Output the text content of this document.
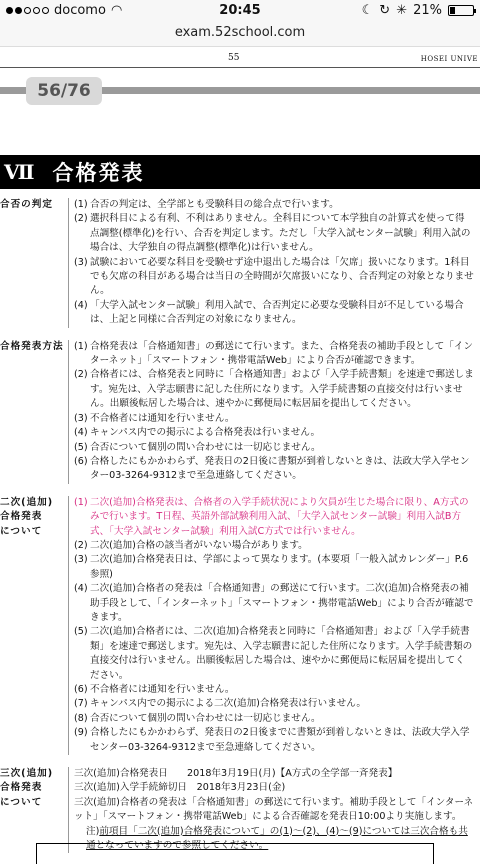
docomo ◠	20:45	☾ ↻ ✳ 21%
exam.52school.com
55	HOSEI UNIVE
56/76
Ⅶ 合格発表
合否の判定	(1) 合否の判定は、全学部とも受験科目の総合点で行います。
(2) 選択科目による有利、不利はありません。全科目について本学独自の計算式を使って得点調整(標準化)を行い、合否を判定します。ただし「大学入試センター試験」利用入試の場合は、大学独自の得点調整(標準化)は行いません。
(3) 試験において必要な科目を受験せず途中退出した場合は「欠席」扱いになります。1科目でも欠席の科目がある場合は当日の全時間が欠席扱いになり、合否判定の対象となりません。
(4) 「大学入試センター試験」利用入試で、合否判定に必要な受験科目が不足している場合は、上記と同様に合否判定の対象になりません。
合格発表方法	(1) 合格発表は「合格通知書」の郵送にて行います。また、合格発表の補助手段として「インターネット」「スマートフォン・携帯電話Web」により合否が確認できます。
(2) 合格者には、合格発表と同時に「合格通知書」および「入学手続書類」を速達で郵送します。宛先は、入学志願書に記した住所になります。入学手続書類の直接交付は行いません。出願後転居した場合は、速やかに郵便局に転居届を提出してください。
(3) 不合格者には通知を行いません。
(4) キャンパス内での掲示による合格発表は行いません。
(5) 合否について個別の問い合わせには一切応じません。
(6) 合格したにもかかわらず、発表日の2日後に書類が到着しないときは、法政大学入学センター03-3264-9312まで至急連絡してください。
二次(追加)
合格発表
について
(1) 二次(追加)合格発表は、合格者の入学手続状況により欠員が生じた場合に限り、A方式のみで行います。T日程、英語外部試験利用入試、「大学入試センター試験」利用入試B方式、「大学入試センター試験」利用入試C方式では行いません。
(2) 二次(追加)合格の該当者がいない場合があります。
(3) 二次(追加)合格発表日は、学部によって異なります。(本要項「一般入試カレンダー」P.6参照)
(4) 二次(追加)合格者の発表は「合格通知書」の郵送にて行います。二次(追加)合格発表の補助手段として、「インターネット」「スマートフォン・携帯電話Web」により合否が確認できます。
(5) 二次(追加)合格者には、二次(追加)合格発表と同時に「合格通知書」および「入学手続書類」を速達で郵送します。宛先は、入学志願書に記した住所になります。入学手続書類の直接交付は行いません。出願後転居した場合は、速やかに郵便局に転居届を提出してください。
(6) 不合格者には通知を行いません。
(7) キャンパス内での掲示による二次(追加)合格発表は行いません。
(8) 合否について個別の問い合わせには一切応じません。
(9) 合格したにもかかわらず、発表日の2日後までに書類が到着しないときは、法政大学入学センター03-3264-9312まで至急連絡してください。
三次(追加)
合格発表
について
三次(追加)合格発表日　　2018年3月19日(月)【A方式の全学部一斉発表】
三次(追加)入学手続締切日　2018年3月23日(金)
三次(追加)合格者の発表は「合格通知書」の郵送にて行います。補助手段として「インターネット」「スマートフォン・携帯電話Web」による合否確認を発表日10:00より実施します。
注)前項目「二次(追加)合格発表について」の(1)〜(2)、(4)〜(9)については三次合格も共通となっていますので参照してください。
